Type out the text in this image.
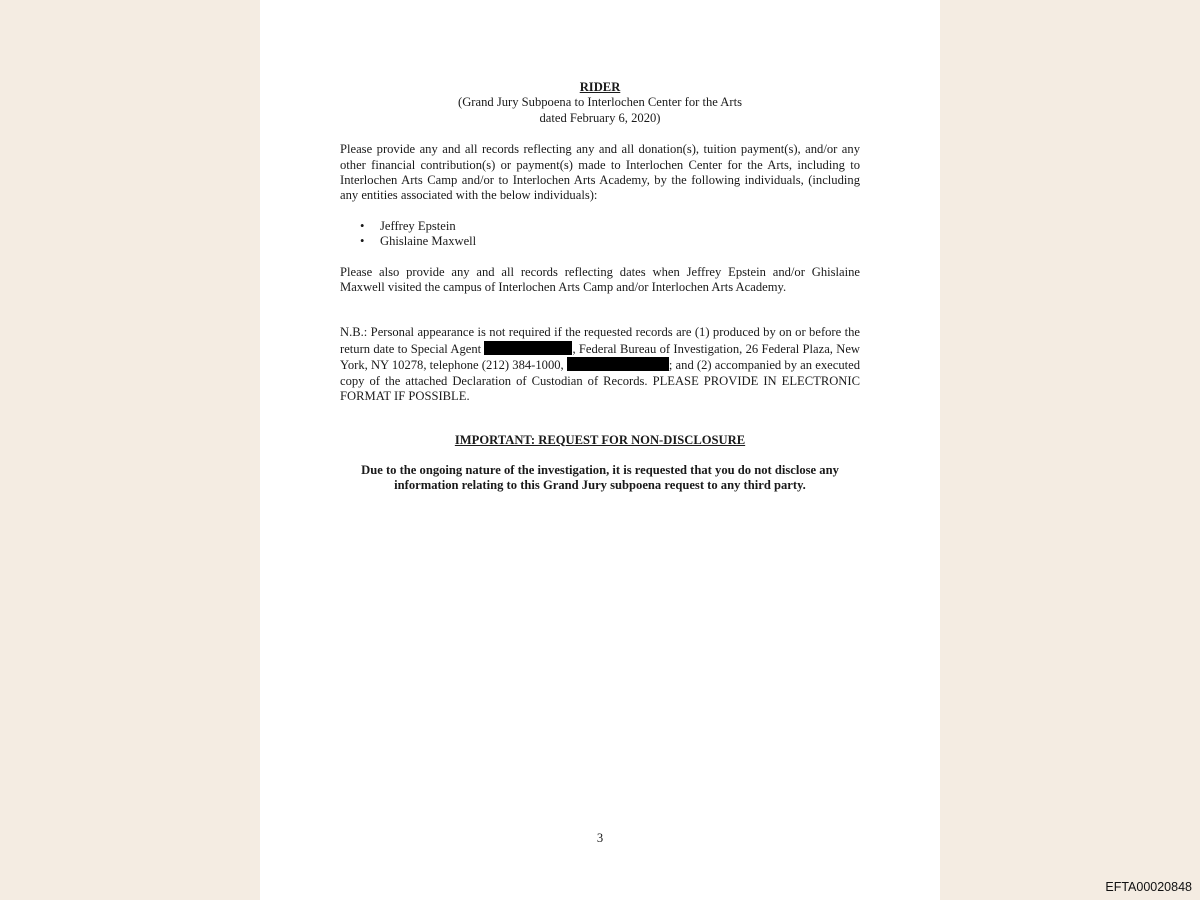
RIDER
(Grand Jury Subpoena to Interlochen Center for the Arts
dated February 6, 2020)

Please provide any and all records reflecting any and all donation(s), tuition payment(s), and/or any other financial contribution(s) or payment(s) made to Interlochen Center for the Arts, including to Interlochen Arts Camp and/or to Interlochen Arts Academy, by the following individuals, (including any entities associated with the below individuals):

• Jeffrey Epstein
• Ghislaine Maxwell

Please also provide any and all records reflecting dates when Jeffrey Epstein and/or Ghislaine Maxwell visited the campus of Interlochen Arts Camp and/or Interlochen Arts Academy.

N.B.: Personal appearance is not required if the requested records are (1) produced by on or before the return date to Special Agent	, Federal Bureau of Investigation, 26 Federal Plaza, New York, NY 10278, telephone (212) 384-1000,	; and (2) accompanied by an executed copy of the attached Declaration of Custodian of Records. PLEASE PROVIDE IN ELECTRONIC FORMAT IF POSSIBLE.

IMPORTANT: REQUEST FOR NON-DISCLOSURE
Due to the ongoing nature of the investigation, it is requested that you do not disclose any information relating to this Grand Jury subpoena request to any third party.
3
EFTA00020848
